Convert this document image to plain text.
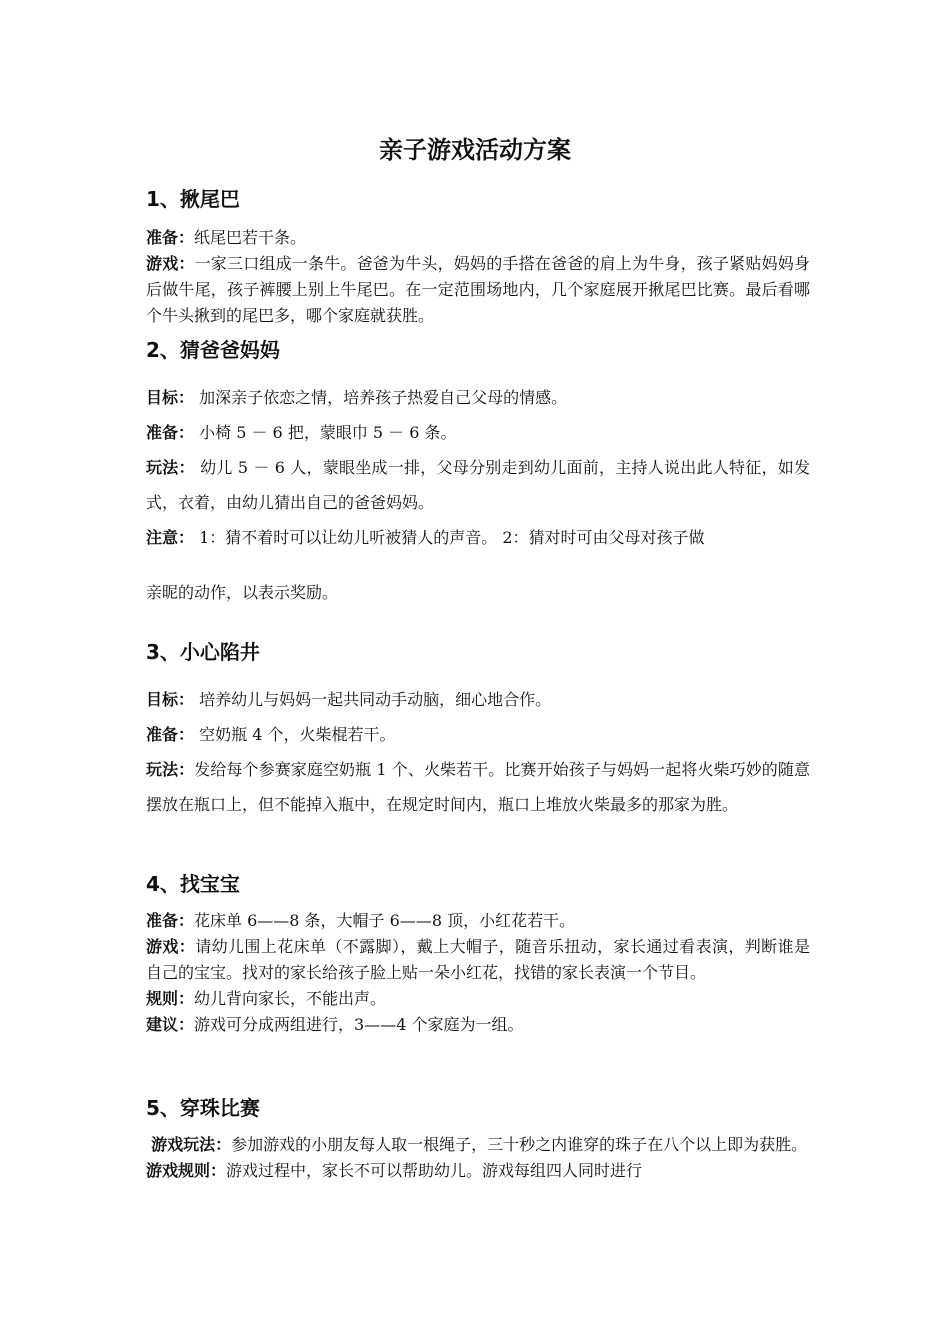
亲子游戏活动方案
1、揪尾巴
准备：纸尾巴若干条。
游戏：一家三口组成一条牛。爸爸为牛头，妈妈的手搭在爸爸的肩上为牛身，孩子紧贴妈妈身后做牛尾，孩子裤腰上别上牛尾巴。在一定范围场地内，几个家庭展开揪尾巴比赛。最后看哪个牛头揪到的尾巴多，哪个家庭就获胜。
2、猜爸爸妈妈
目标： 加深亲子依恋之情，培养孩子热爱自己父母的情感。
准备： 小椅 5 － 6 把，蒙眼巾 5 － 6 条。
玩法： 幼儿 5 － 6 人，蒙眼坐成一排，父母分别走到幼儿面前，主持人说出此人特征，如发式，衣着，由幼儿猜出自己的爸爸妈妈。
注意： 1：猜不着时可以让幼儿听被猜人的声音。 2：猜对时可由父母对孩子做
亲昵的动作，以表示奖励。
3、小心陷井
目标： 培养幼儿与妈妈一起共同动手动脑，细心地合作。
准备： 空奶瓶 4 个，火柴棍若干。
玩法：发给每个参赛家庭空奶瓶 1 个、火柴若干。比赛开始孩子与妈妈一起将火柴巧妙的随意摆放在瓶口上，但不能掉入瓶中，在规定时间内，瓶口上堆放火柴最多的那家为胜。
4、找宝宝
准备：花床单 6——8 条，大帽子 6——8 顶，小红花若干。
游戏：请幼儿围上花床单（不露脚），戴上大帽子，随音乐扭动，家长通过看表演，判断谁是自己的宝宝。找对的家长给孩子脸上贴一朵小红花，找错的家长表演一个节目。
规则：幼儿背向家长，不能出声。
建议：游戏可分成两组进行，3——4 个家庭为一组。
5、穿珠比赛
游戏玩法：参加游戏的小朋友每人取一根绳子，三十秒之内谁穿的珠子在八个以上即为获胜。
游戏规则：游戏过程中，家长不可以帮助幼儿。游戏每组四人同时进行
